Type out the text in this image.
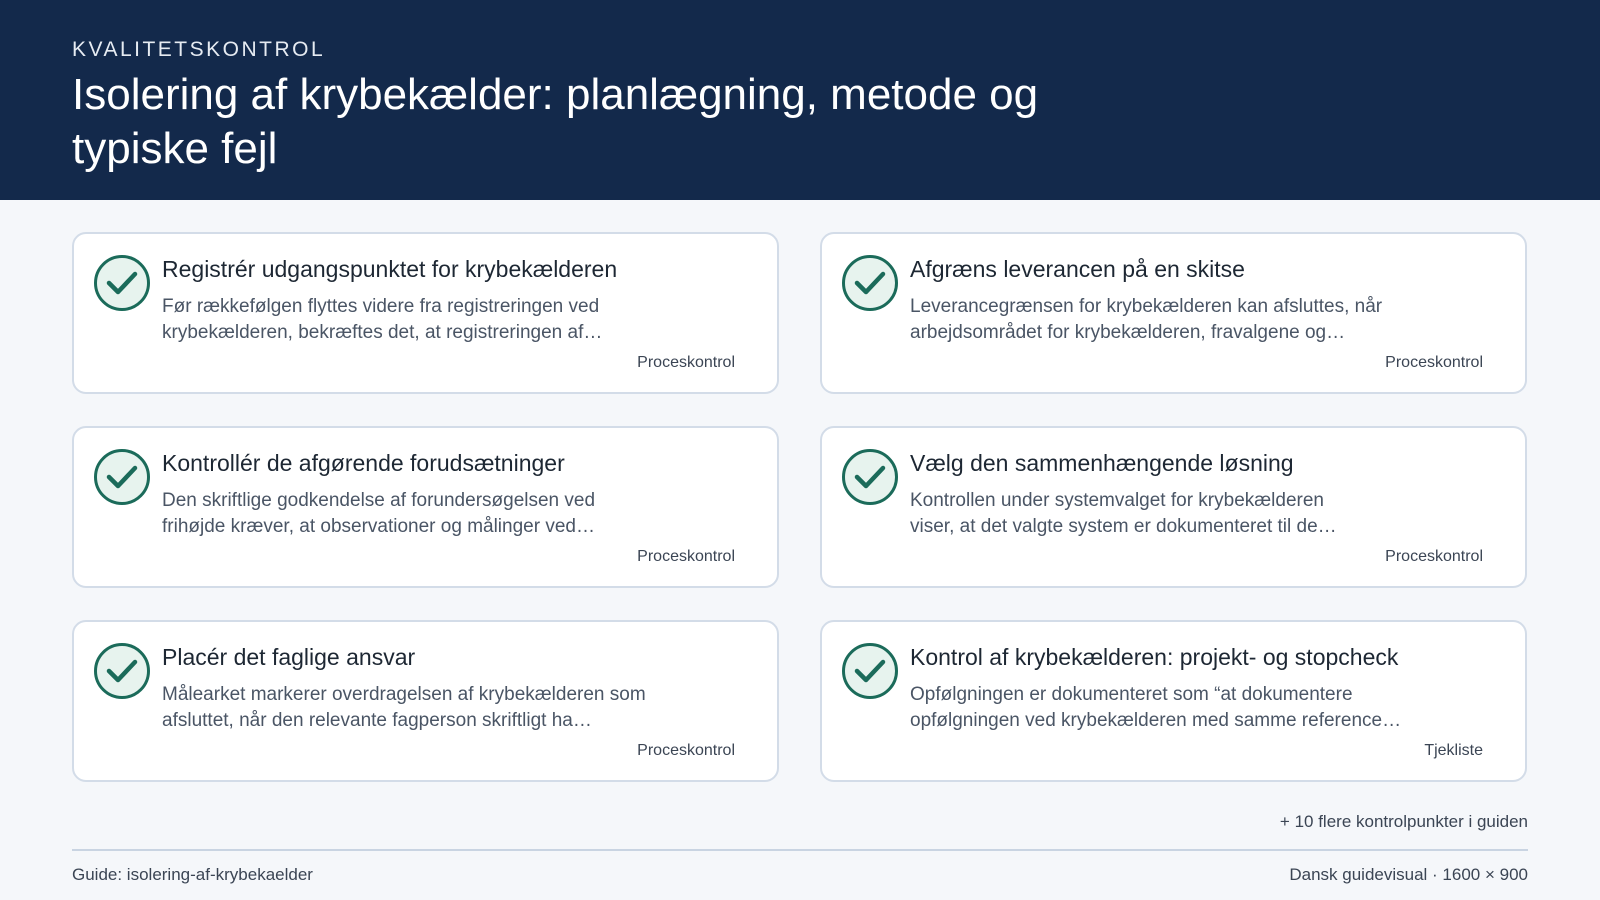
KVALITETSKONTROL
Isolering af krybekælder: planlægning, metode og typiske fejl
Registrér udgangspunktet for krybekælderen
Før rækkefølgen flyttes videre fra registreringen ved
krybekælderen, bekræftes det, at registreringen af…
Proceskontrol
Afgræns leverancen på en skitse
Leverancegrænsen for krybekælderen kan afsluttes, når
arbejdsområdet for krybekælderen, fravalgene og…
Proceskontrol
Kontrollér de afgørende forudsætninger
Den skriftlige godkendelse af forundersøgelsen ved
frihøjde kræver, at observationer og målinger ved…
Proceskontrol
Vælg den sammenhængende løsning
Kontrollen under systemvalget for krybekælderen
viser, at det valgte system er dokumenteret til de…
Proceskontrol
Placér det faglige ansvar
Målearket markerer overdragelsen af krybekælderen som
afsluttet, når den relevante fagperson skriftligt ha…
Proceskontrol
Kontrol af krybekælderen: projekt- og stopcheck
Opfølgningen er dokumenteret som “at dokumentere
opfølgningen ved krybekælderen med samme reference…
Tjekliste
+ 10 flere kontrolpunkter i guiden
Guide: isolering-af-krybekaelder	Dansk guidevisual · 1600 × 900
